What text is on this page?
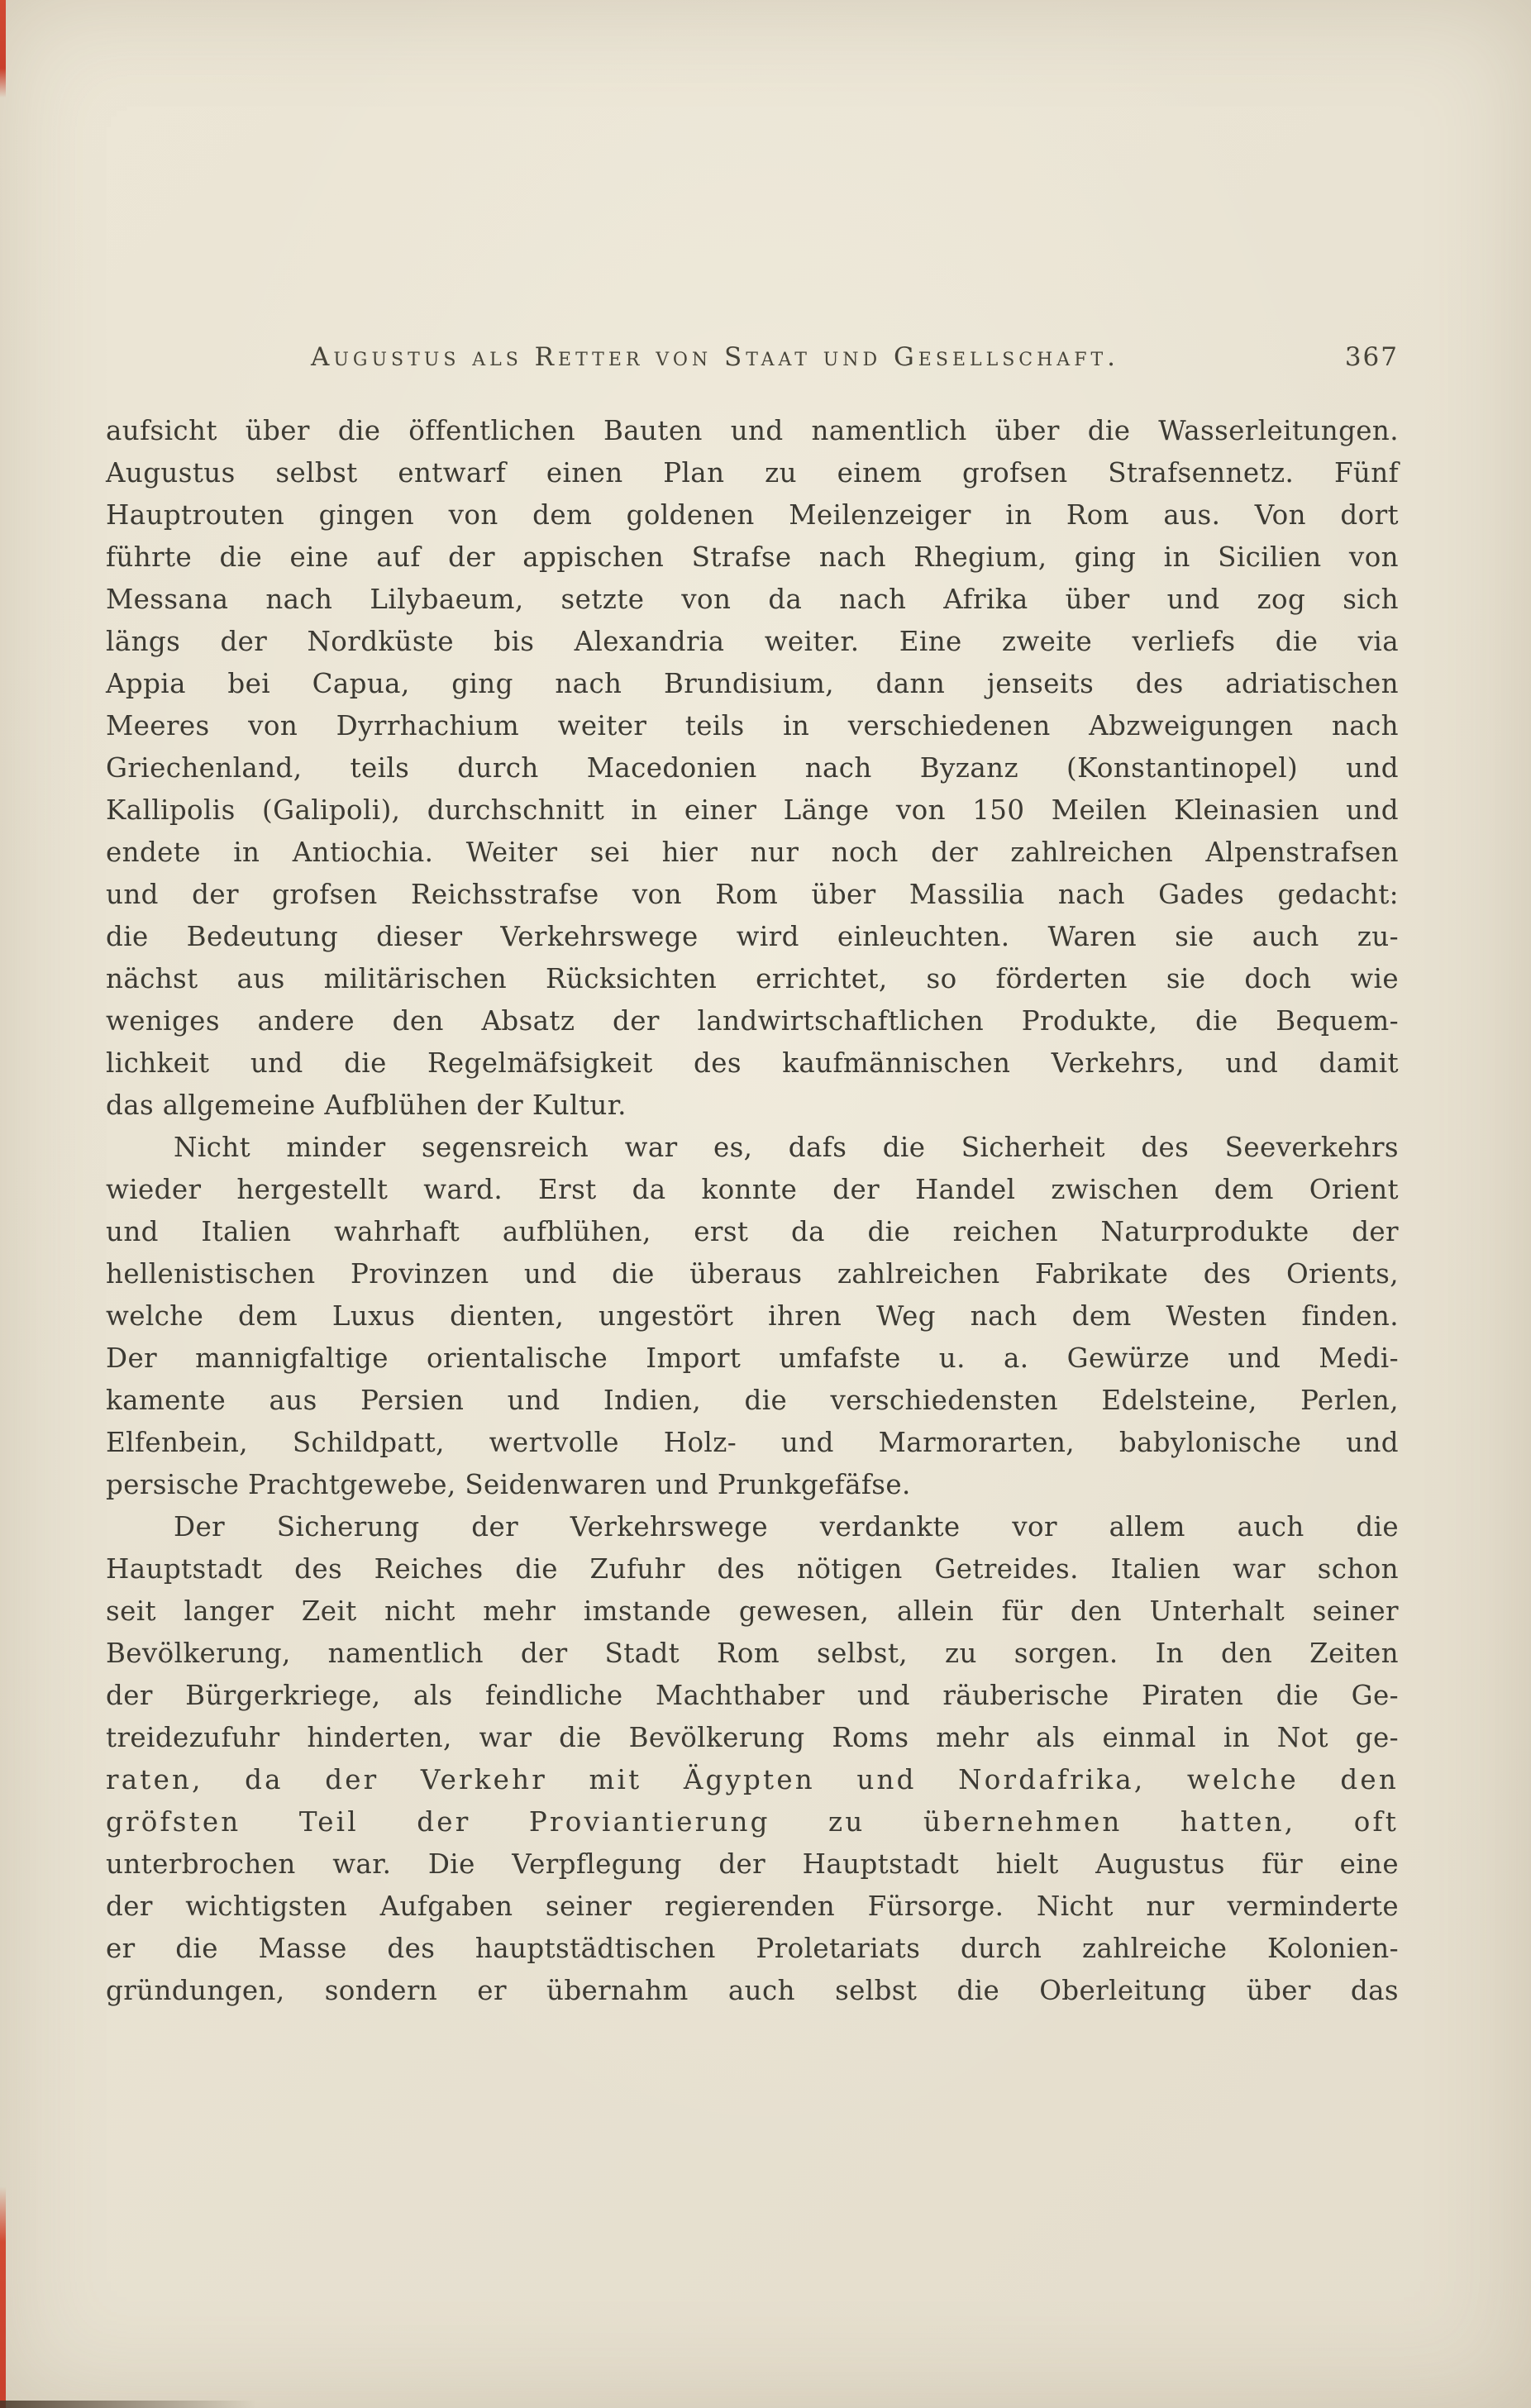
Augustus als Retter von Staat und Gesellschaft.	367
aufsicht über die öffentlichen Bauten und namentlich über die Wasserleitungen.
Augustus selbst entwarf einen Plan zu einem grofsen Strafsennetz. Fünf
Hauptrouten gingen von dem goldenen Meilenzeiger in Rom aus. Von dort
führte die eine auf der appischen Strafse nach Rhegium, ging in Sicilien von
Messana nach Lilybaeum, setzte von da nach Afrika über und zog sich
längs der Nordküste bis Alexandria weiter. Eine zweite verliefs die via
Appia bei Capua, ging nach Brundisium, dann jenseits des adriatischen
Meeres von Dyrrhachium weiter teils in verschiedenen Abzweigungen nach
Griechenland, teils durch Macedonien nach Byzanz (Konstantinopel) und
Kallipolis (Galipoli), durchschnitt in einer Länge von 150 Meilen Kleinasien und
endete in Antiochia. Weiter sei hier nur noch der zahlreichen Alpenstrafsen
und der grofsen Reichsstrafse von Rom über Massilia nach Gades gedacht:
die Bedeutung dieser Verkehrswege wird einleuchten. Waren sie auch zu-
nächst aus militärischen Rücksichten errichtet, so förderten sie doch wie
weniges andere den Absatz der landwirtschaftlichen Produkte, die Bequem-
lichkeit und die Regelmäfsigkeit des kaufmännischen Verkehrs, und damit
das allgemeine Aufblühen der Kultur.
Nicht minder segensreich war es, dafs die Sicherheit des Seeverkehrs
wieder hergestellt ward. Erst da konnte der Handel zwischen dem Orient
und Italien wahrhaft aufblühen, erst da die reichen Naturprodukte der
hellenistischen Provinzen und die überaus zahlreichen Fabrikate des Orients,
welche dem Luxus dienten, ungestört ihren Weg nach dem Westen finden.
Der mannigfaltige orientalische Import umfafste u. a. Gewürze und Medi-
kamente aus Persien und Indien, die verschiedensten Edelsteine, Perlen,
Elfenbein, Schildpatt, wertvolle Holz- und Marmorarten, babylonische und
persische Prachtgewebe, Seidenwaren und Prunkgefäfse.
Der Sicherung der Verkehrswege verdankte vor allem auch die
Hauptstadt des Reiches die Zufuhr des nötigen Getreides. Italien war schon
seit langer Zeit nicht mehr imstande gewesen, allein für den Unterhalt seiner
Bevölkerung, namentlich der Stadt Rom selbst, zu sorgen. In den Zeiten
der Bürgerkriege, als feindliche Machthaber und räuberische Piraten die Ge-
treidezufuhr hinderten, war die Bevölkerung Roms mehr als einmal in Not ge-
raten, da der Verkehr mit Ägypten und Nordafrika, welche den
gröfsten Teil der Proviantierung zu übernehmen hatten, oft
unterbrochen war. Die Verpflegung der Hauptstadt hielt Augustus für eine
der wichtigsten Aufgaben seiner regierenden Fürsorge. Nicht nur verminderte
er die Masse des hauptstädtischen Proletariats durch zahlreiche Kolonien-
gründungen, sondern er übernahm auch selbst die Oberleitung über das
